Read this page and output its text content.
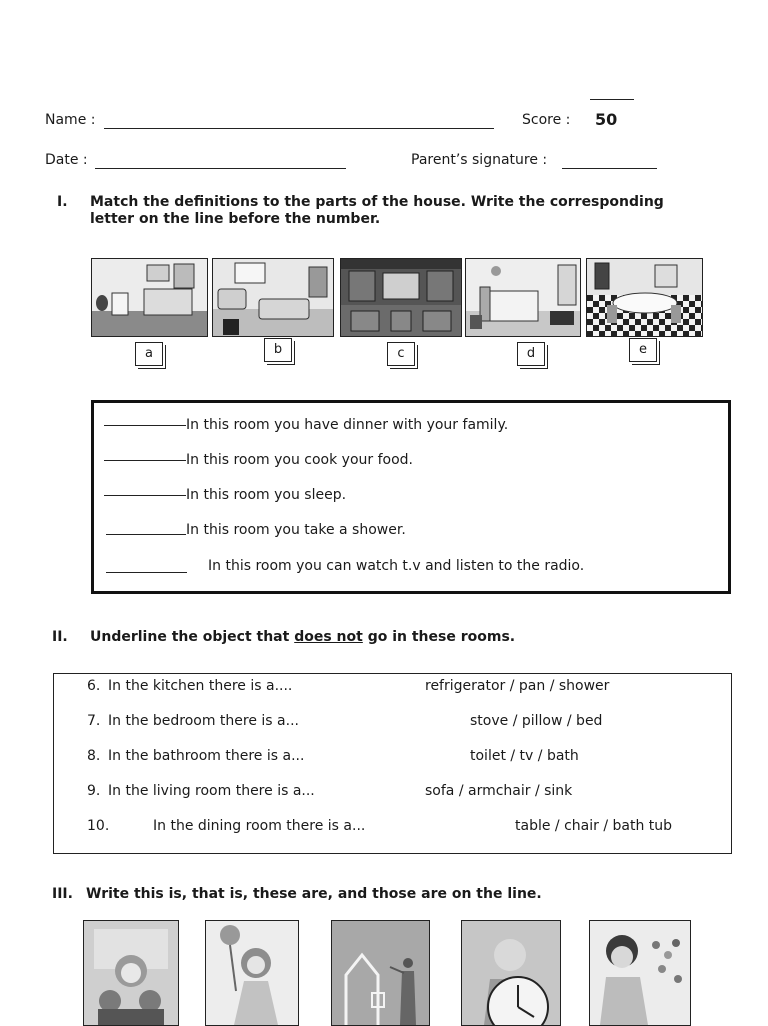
Name :	Score : 50
Date :	Parent’s signature :
I. Match the definitions to the parts of the house. Write the corresponding
letter on the line before the number.
a	b	c	d	e
In this room you have dinner with your family.
In this room you cook your food.
In this room you sleep.
In this room you take a shower.
In this room you can watch t.v and listen to the radio.
II. Underline the object that does not go in these rooms.
6. In the kitchen there is a....	refrigerator / pan / shower
7. In the bedroom there is a...	stove / pillow / bed
8. In the bathroom there is a...	toilet / tv / bath
9. In the living room there is a...	sofa / armchair / sink
10.	In the dining room there is a...	table / chair / bath tub
III. Write this is, that is, these are, and those are on the line.
